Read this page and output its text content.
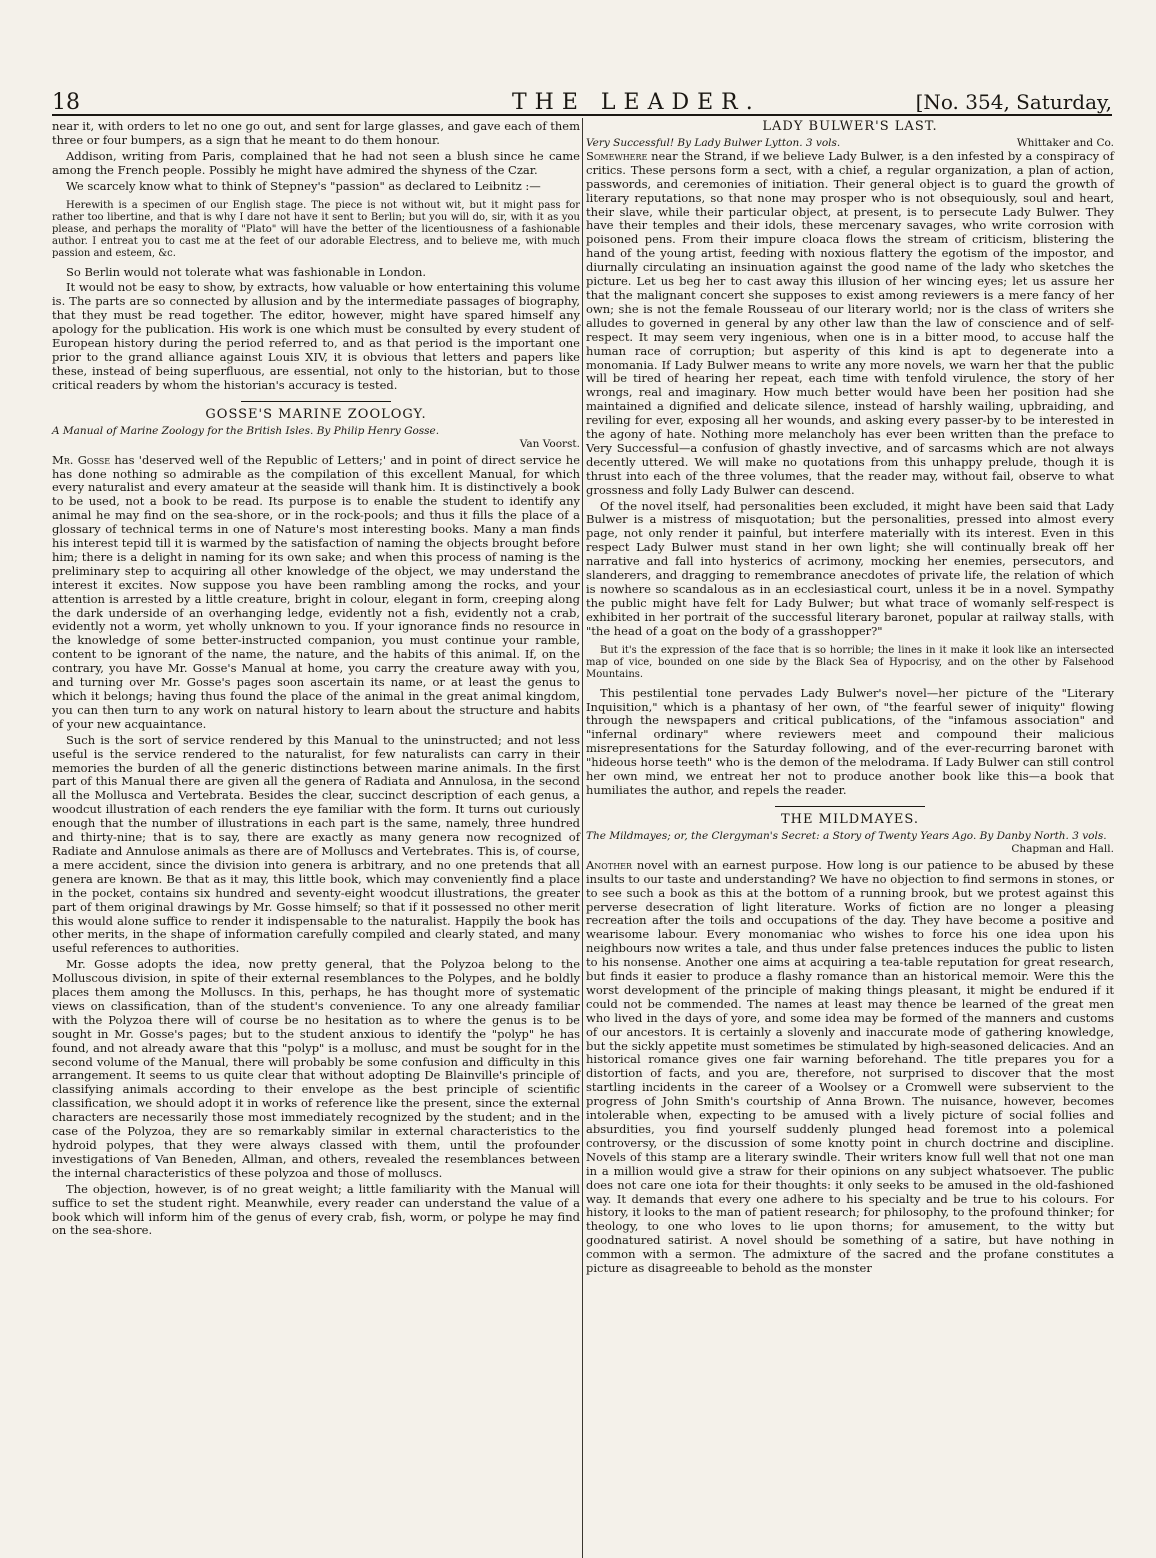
18	THE LEADER.	[No. 354, Saturday,

near it, with orders to let no one go out, and sent for large glasses, and gave each of them three or four bumpers, as a sign that he meant to do them honour.

Addison, writing from Paris, complained that he had not seen a blush since he came among the French people. Possibly he might have admired the shyness of the Czar.

We scarcely know what to think of Stepney's "passion" as declared to Leibnitz :—

Herewith is a specimen of our English stage. The piece is not without wit, but it might pass for rather too libertine, and that is why I dare not have it sent to Berlin; but you will do, sir, with it as you please, and perhaps the morality of "Plato" will have the better of the licentiousness of a fashionable author. I entreat you to cast me at the feet of our adorable Electress, and to believe me, with much passion and esteem, &c.

So Berlin would not tolerate what was fashionable in London.

It would not be easy to show, by extracts, how valuable or how entertaining this volume is. The parts are so connected by allusion and by the intermediate passages of biography, that they must be read together. The editor, however, might have spared himself any apology for the publication. His work is one which must be consulted by every student of European history during the period referred to, and as that period is the important one prior to the grand alliance against Louis XIV, it is obvious that letters and papers like these, instead of being superfluous, are essential, not only to the historian, but to those critical readers by whom the historian's accuracy is tested.

GOSSE'S MARINE ZOOLOGY.
A Manual of Marine Zoology for the British Isles. By Philip Henry Gosse.
Van Voorst.

Mr. Gosse has 'deserved well of the Republic of Letters;' and in point of direct service he has done nothing so admirable as the compilation of this excellent Manual, for which every naturalist and every amateur at the seaside will thank him. It is distinctively a book to be used, not a book to be read. Its purpose is to enable the student to identify any animal he may find on the sea-shore, or in the rock-pools; and thus it fills the place of a glossary of technical terms in one of Nature's most interesting books. Many a man finds his interest tepid till it is warmed by the satisfaction of naming the objects brought before him; there is a delight in naming for its own sake; and when this process of naming is the preliminary step to acquiring all other knowledge of the object, we may understand the interest it excites. Now suppose you have been rambling among the rocks, and your attention is arrested by a little creature, bright in colour, elegant in form, creeping along the dark underside of an overhanging ledge, evidently not a fish, evidently not a crab, evidently not a worm, yet wholly unknown to you. If your ignorance finds no resource in the knowledge of some better-instructed companion, you must continue your ramble, content to be ignorant of the name, the nature, and the habits of this animal. If, on the contrary, you have Mr. Gosse's Manual at home, you carry the creature away with you, and turning over Mr. Gosse's pages soon ascertain its name, or at least the genus to which it belongs; having thus found the place of the animal in the great animal kingdom, you can then turn to any work on natural history to learn about the structure and habits of your new acquaintance.

Such is the sort of service rendered by this Manual to the uninstructed; and not less useful is the service rendered to the naturalist, for few naturalists can carry in their memories the burden of all the generic distinctions between marine animals. In the first part of this Manual there are given all the genera of Radiata and Annulosa, in the second all the Mollusca and Vertebrata. Besides the clear, succinct description of each genus, a woodcut illustration of each renders the eye familiar with the form. It turns out curiously enough that the number of illustrations in each part is the same, namely, three hundred and thirty-nine; that is to say, there are exactly as many genera now recognized of Radiate and Annulose animals as there are of Molluscs and Vertebrates. This is, of course, a mere accident, since the division into genera is arbitrary, and no one pretends that all genera are known. Be that as it may, this little book, which may conveniently find a place in the pocket, contains six hundred and seventy-eight woodcut illustrations, the greater part of them original drawings by Mr. Gosse himself; so that if it possessed no other merit this would alone suffice to render it indispensable to the naturalist. Happily the book has other merits, in the shape of information carefully compiled and clearly stated, and many useful references to authorities.

Mr. Gosse adopts the idea, now pretty general, that the Polyzoa belong to the Molluscous division, in spite of their external resemblances to the Polypes, and he boldly places them among the Molluscs. In this, perhaps, he has thought more of systematic views on classification, than of the student's convenience. To any one already familiar with the Polyzoa there will of course be no hesitation as to where the genus is to be sought in Mr. Gosse's pages; but to the student anxious to identify the "polyp" he has found, and not already aware that this "polyp" is a mollusc, and must be sought for in the second volume of the Manual, there will probably be some confusion and difficulty in this arrangement. It seems to us quite clear that without adopting De Blainville's principle of classifying animals according to their envelope as the best principle of scientific classification, we should adopt it in works of reference like the present, since the external characters are necessarily those most immediately recognized by the student; and in the case of the Polyzoa, they are so remarkably similar in external characteristics to the hydroid polypes, that they were always classed with them, until the profounder investigations of Van Beneden, Allman, and others, revealed the resemblances between the internal characteristics of these polyzoa and those of molluscs.

The objection, however, is of no great weight; a little familiarity with the Manual will suffice to set the student right. Meanwhile, every reader can understand the value of a book which will inform him of the genus of every crab, fish, worm, or polype he may find on the sea-shore.

LADY BULWER'S LAST.
Very Successful! By Lady Bulwer Lytton. 3 vols.	Whittaker and Co.

Somewhere near the Strand, if we believe Lady Bulwer, is a den infested by a conspiracy of critics. These persons form a sect, with a chief, a regular organization, a plan of action, passwords, and ceremonies of initiation. Their general object is to guard the growth of literary reputations, so that none may prosper who is not obsequiously, soul and heart, their slave, while their particular object, at present, is to persecute Lady Bulwer. They have their temples and their idols, these mercenary savages, who write corrosion with poisoned pens. From their impure cloaca flows the stream of criticism, blistering the hand of the young artist, feeding with noxious flattery the egotism of the impostor, and diurnally circulating an insinuation against the good name of the lady who sketches the picture. Let us beg her to cast away this illusion of her wincing eyes; let us assure her that the malignant concert she supposes to exist among reviewers is a mere fancy of her own; she is not the female Rousseau of our literary world; nor is the class of writers she alludes to governed in general by any other law than the law of conscience and of self-respect. It may seem very ingenious, when one is in a bitter mood, to accuse half the human race of corruption; but asperity of this kind is apt to degenerate into a monomania. If Lady Bulwer means to write any more novels, we warn her that the public will be tired of hearing her repeat, each time with tenfold virulence, the story of her wrongs, real and imaginary. How much better would have been her position had she maintained a dignified and delicate silence, instead of harshly wailing, upbraiding, and reviling for ever, exposing all her wounds, and asking every passer-by to be interested in the agony of hate. Nothing more melancholy has ever been written than the preface to Very Successful—a confusion of ghastly invective, and of sarcasms which are not always decently uttered. We will make no quotations from this unhappy prelude, though it is thrust into each of the three volumes, that the reader may, without fail, observe to what grossness and folly Lady Bulwer can descend.

Of the novel itself, had personalities been excluded, it might have been said that Lady Bulwer is a mistress of misquotation; but the personalities, pressed into almost every page, not only render it painful, but interfere materially with its interest. Even in this respect Lady Bulwer must stand in her own light; she will continually break off her narrative and fall into hysterics of acrimony, mocking her enemies, persecutors, and slanderers, and dragging to remembrance anecdotes of private life, the relation of which is nowhere so scandalous as in an ecclesiastical court, unless it be in a novel. Sympathy the public might have felt for Lady Bulwer; but what trace of womanly self-respect is exhibited in her portrait of the successful literary baronet, popular at railway stalls, with "the head of a goat on the body of a grasshopper?"

But it's the expression of the face that is so horrible; the lines in it make it look like an intersected map of vice, bounded on one side by the Black Sea of Hypocrisy, and on the other by Falsehood Mountains.

This pestilential tone pervades Lady Bulwer's novel—her picture of the "Literary Inquisition," which is a phantasy of her own, of "the fearful sewer of iniquity" flowing through the newspapers and critical publications, of the "infamous association" and "infernal ordinary" where reviewers meet and compound their malicious misrepresentations for the Saturday following, and of the ever-recurring baronet with "hideous horse teeth" who is the demon of the melodrama. If Lady Bulwer can still control her own mind, we entreat her not to produce another book like this—a book that humiliates the author, and repels the reader.

THE MILDMAYES.
The Mildmayes; or, the Clergyman's Secret: a Story of Twenty Years Ago. By Danby North. 3 vols.
Chapman and Hall.

Another novel with an earnest purpose. How long is our patience to be abused by these insults to our taste and understanding? We have no objection to find sermons in stones, or to see such a book as this at the bottom of a running brook, but we protest against this perverse desecration of light literature. Works of fiction are no longer a pleasing recreation after the toils and occupations of the day. They have become a positive and wearisome labour. Every monomaniac who wishes to force his one idea upon his neighbours now writes a tale, and thus under false pretences induces the public to listen to his nonsense. Another one aims at acquiring a tea-table reputation for great research, but finds it easier to produce a flashy romance than an historical memoir. Were this the worst development of the principle of making things pleasant, it might be endured if it could not be commended. The names at least may thence be learned of the great men who lived in the days of yore, and some idea may be formed of the manners and customs of our ancestors. It is certainly a slovenly and inaccurate mode of gathering knowledge, but the sickly appetite must sometimes be stimulated by high-seasoned delicacies. And an historical romance gives one fair warning beforehand. The title prepares you for a distortion of facts, and you are, therefore, not surprised to discover that the most startling incidents in the career of a Woolsey or a Cromwell were subservient to the progress of John Smith's courtship of Anna Brown. The nuisance, however, becomes intolerable when, expecting to be amused with a lively picture of social follies and absurdities, you find yourself suddenly plunged head foremost into a polemical controversy, or the discussion of some knotty point in church doctrine and discipline. Novels of this stamp are a literary swindle. Their writers know full well that not one man in a million would give a straw for their opinions on any subject whatsoever. The public does not care one iota for their thoughts: it only seeks to be amused in the old-fashioned way. It demands that every one adhere to his specialty and be true to his colours. For history, it looks to the man of patient research; for philosophy, to the profound thinker; for theology, to one who loves to lie upon thorns; for amusement, to the witty but goodnatured satirist. A novel should be something of a satire, but have nothing in common with a sermon. The admixture of the sacred and the profane constitutes a picture as disagreeable to behold as the monster
